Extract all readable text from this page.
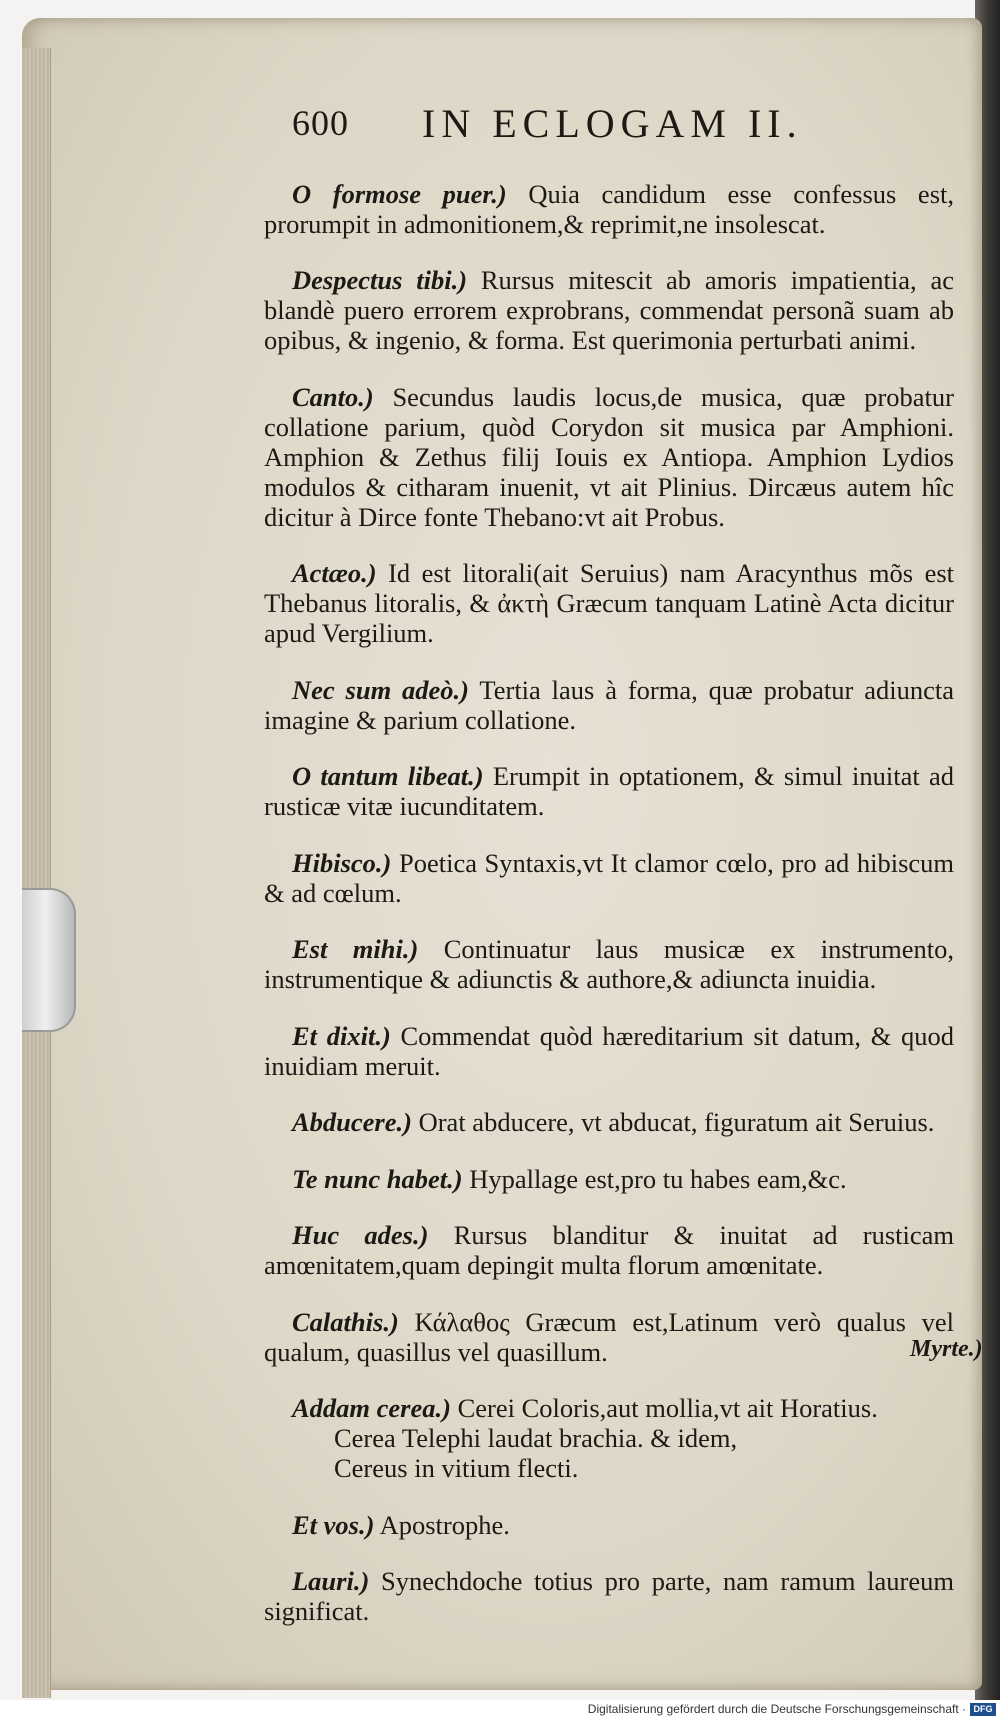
600 IN ECLOGAM II.

O formose puer.) Quia candidum esse confessus est, prorumpit in admonitionem,& reprimit,ne insolescat.

Despectus tibi.) Rursus mitescit ab amoris impatientia, ac blandè puero errorem exprobrans, commendat personã suam ab opibus, & ingenio, & forma. Est querimonia perturbati animi.

Canto.) Secundus laudis locus,de musica, quæ probatur collatione parium, quòd Corydon sit musica par Amphioni. Amphion & Zethus filij Iouis ex Antiopa. Amphion Lydios modulos & citharam inuenit, vt ait Plinius. Dircæus autem hîc dicitur à Dirce fonte Thebano:vt ait Probus.

Actæo.) Id est litorali(ait Seruius) nam Aracynthus mõs est Thebanus litoralis, & ἀκτὴ Græcum tanquam Latinè Acta dicitur apud Vergilium.

Nec sum adeò.) Tertia laus à forma, quæ probatur adiuncta imagine & parium collatione.

O tantum libeat.) Erumpit in optationem, & simul inuitat ad rusticæ vitæ iucunditatem.

Hibisco.) Poetica Syntaxis,vt It clamor cœlo, pro ad hibiscum & ad cœlum.

Est mihi.) Continuatur laus musicæ ex instrumento, instrumentique & adiunctis & authore,& adiuncta inuidia.

Et dixit.) Commendat quòd hæreditarium sit datum, & quod inuidiam meruit.

Abducere.) Orat abducere, vt abducat, figuratum ait Seruius.

Te nunc habet.) Hypallage est,pro tu habes eam,&c.

Huc ades.) Rursus blanditur & inuitat ad rusticam amœnitatem,quam depingit multa florum amœnitate.

Calathis.) Κάλαθος Græcum est,Latinum verò qualus vel qualum, quasillus vel quasillum.

Addam cerea.) Cerei Coloris,aut mollia,vt ait Horatius.

Cerea Telephi laudat brachia. & idem,
Cereus in vitium flecti.

Et vos.) Apostrophe.

Lauri.) Synechdoche totius pro parte, nam ramum laureum significat.

Myrte.)
Digitalisierung gefördert durch die Deutsche Forschungsgemeinschaft · DFG
